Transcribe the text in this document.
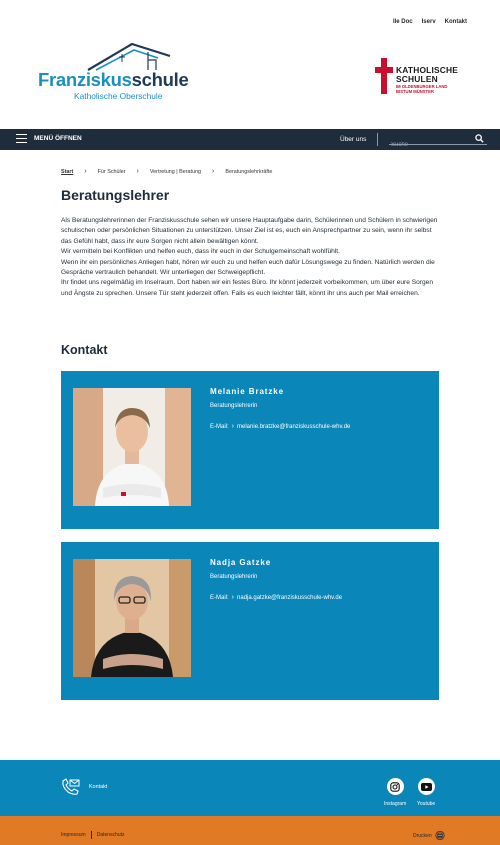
Ile Doc Iserv Kontakt
Franziskusschule
Katholische Oberschule
KATHOLISCHE
SCHULEN
IM OLDENBURGER LAND
BISTUM MÜNSTER
MENÜ ÖFFNEN	Über uns
Suche
Start › Für Schüler › Vertretung | Beratung › Beratungslehrkräfte
Beratungslehrer

Als Beratungslehrerinnen der Franziskusschule sehen wir unsere Hauptaufgabe darin, Schülerinnen und Schülern in schwierigen schulischen oder persönlichen Situationen zu unterstützen. Unser Ziel ist es, euch ein Ansprechpartner zu sein, wenn ihr selbst das Gefühl habt, dass ihr eure Sorgen nicht allein bewältigen könnt.

Wir vermitteln bei Konflikten und helfen euch, dass ihr euch in der Schulgemeinschaft wohlfühlt.

Wenn ihr ein persönliches Anliegen habt, hören wir euch zu und helfen euch dafür Lösungswege zu finden. Natürlich werden die Gespräche vertraulich behandelt. Wir unterliegen der Schweigepflicht.

Ihr findet uns regelmäßig im Inselraum. Dort haben wir ein festes Büro. Ihr könnt jederzeit vorbeikommen, um über eure Sorgen und Ängste zu sprechen. Unsere Tür steht jederzeit offen. Falls es euch leichter fällt, könnt ihr uns auch per Mail erreichen.

Kontakt
Melanie Bratzke
Beratungslehrerin
E-Mail: › melanie.bratzke@franziskusschule-whv.de
Nadja Gatzke
Beratungslehrerin
E-Mail: › nadja.gatzke@franziskusschule-whv.de
Kontakt
Instagram Youtube
Impressum Datenschutz	Drucken
